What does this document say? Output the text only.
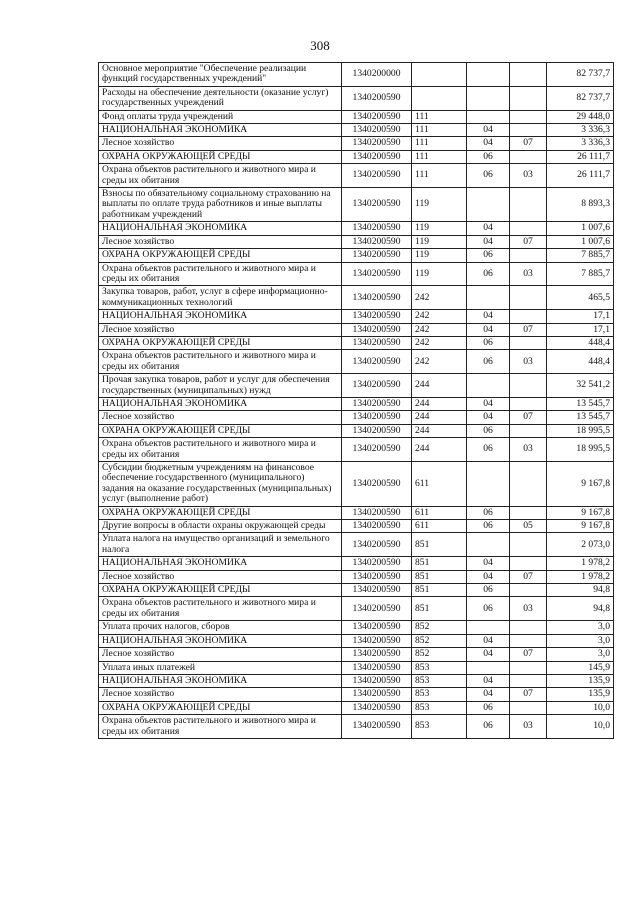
308
Основное мероприятие "Обеспечение реализации функций государственных учреждений"	1340200000				82 737,7
Расходы на обеспечение деятельности (оказание услуг) государственных учреждений	1340200590				82 737,7
Фонд оплаты труда учреждений	1340200590	111			29 448,0
НАЦИОНАЛЬНАЯ ЭКОНОМИКА	1340200590	111	04		3 336,3
Лесное хозяйство	1340200590	111	04	07	3 336,3
ОХРАНА ОКРУЖАЮЩЕЙ СРЕДЫ	1340200590	111	06		26 111,7
Охрана объектов растительного и животного мира и среды их обитания	1340200590	111	06	03	26 111,7
Взносы по обязательному социальному страхованию на выплаты по оплате труда работников и иные выплаты работникам учреждений	1340200590	119			8 893,3
НАЦИОНАЛЬНАЯ ЭКОНОМИКА	1340200590	119	04		1 007,6
Лесное хозяйство	1340200590	119	04	07	1 007,6
ОХРАНА ОКРУЖАЮЩЕЙ СРЕДЫ	1340200590	119	06		7 885,7
Охрана объектов растительного и животного мира и среды их обитания	1340200590	119	06	03	7 885,7
Закупка товаров, работ, услуг в сфере информационно-коммуникационных технологий	1340200590	242			465,5
НАЦИОНАЛЬНАЯ ЭКОНОМИКА	1340200590	242	04		17,1
Лесное хозяйство	1340200590	242	04	07	17,1
ОХРАНА ОКРУЖАЮЩЕЙ СРЕДЫ	1340200590	242	06		448,4
Охрана объектов растительного и животного мира и среды их обитания	1340200590	242	06	03	448,4
Прочая закупка товаров, работ и услуг для обеспечения государственных (муниципальных) нужд	1340200590	244			32 541,2
НАЦИОНАЛЬНАЯ ЭКОНОМИКА	1340200590	244	04		13 545,7
Лесное хозяйство	1340200590	244	04	07	13 545,7
ОХРАНА ОКРУЖАЮЩЕЙ СРЕДЫ	1340200590	244	06		18 995,5
Охрана объектов растительного и животного мира и среды их обитания	1340200590	244	06	03	18 995,5
Субсидии бюджетным учреждениям на финансовое обеспечение государственного (муниципального) задания на оказание государственных (муниципальных) услуг (выполнение работ)	1340200590	611			9 167,8
ОХРАНА ОКРУЖАЮЩЕЙ СРЕДЫ	1340200590	611	06		9 167,8
Другие вопросы в области охраны окружающей среды	1340200590	611	06	05	9 167,8
Уплата налога на имущество организаций и земельного налога	1340200590	851			2 073,0
НАЦИОНАЛЬНАЯ ЭКОНОМИКА	1340200590	851	04		1 978,2
Лесное хозяйство	1340200590	851	04	07	1 978,2
ОХРАНА ОКРУЖАЮЩЕЙ СРЕДЫ	1340200590	851	06		94,8
Охрана объектов растительного и животного мира и среды их обитания	1340200590	851	06	03	94,8
Уплата прочих налогов, сборов	1340200590	852			3,0
НАЦИОНАЛЬНАЯ ЭКОНОМИКА	1340200590	852	04		3,0
Лесное хозяйство	1340200590	852	04	07	3,0
Уплата иных платежей	1340200590	853			145,9
НАЦИОНАЛЬНАЯ ЭКОНОМИКА	1340200590	853	04		135,9
Лесное хозяйство	1340200590	853	04	07	135,9
ОХРАНА ОКРУЖАЮЩЕЙ СРЕДЫ	1340200590	853	06		10,0
Охрана объектов растительного и животного мира и среды их обитания	1340200590	853	06	03	10,0
